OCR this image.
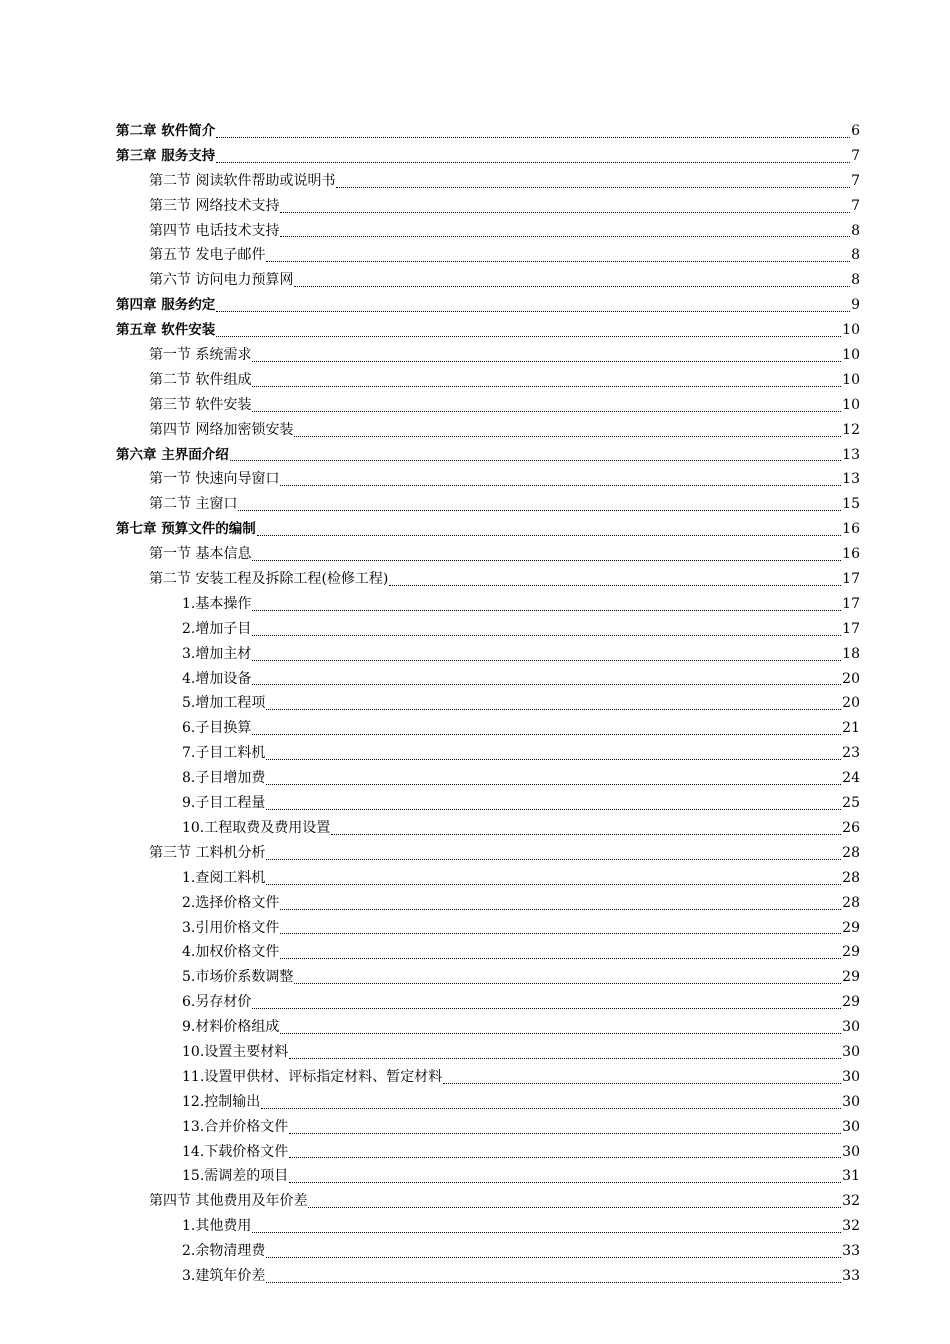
第二章 软件简介	6
第三章 服务支持	7
第二节 阅读软件帮助或说明书	7
第三节 网络技术支持	7
第四节 电话技术支持	8
第五节 发电子邮件	8
第六节 访问电力预算网	8
第四章 服务约定	9
第五章 软件安装	10
第一节 系统需求	10
第二节 软件组成	10
第三节 软件安装	10
第四节 网络加密锁安装	12
第六章 主界面介绍	13
第一节 快速向导窗口	13
第二节 主窗口	15
第七章 预算文件的编制	16
第一节 基本信息	16
第二节 安装工程及拆除工程(检修工程)	17
1.基本操作	17
2.增加子目	17
3.增加主材	18
4.增加设备	20
5.增加工程项	20
6.子目换算	21
7.子目工料机	23
8.子目增加费	24
9.子目工程量	25
10.工程取费及费用设置	26
第三节 工料机分析	28
1.查阅工料机	28
2.选择价格文件	28
3.引用价格文件	29
4.加权价格文件	29
5.市场价系数调整	29
6.另存材价	29
9.材料价格组成	30
10.设置主要材料	30
11.设置甲供材、评标指定材料、暂定材料	30
12.控制输出	30
13.合并价格文件	30
14.下载价格文件	30
15.需调差的项目	31
第四节 其他费用及年价差	32
1.其他费用	32
2.余物清理费	33
3.建筑年价差	33
